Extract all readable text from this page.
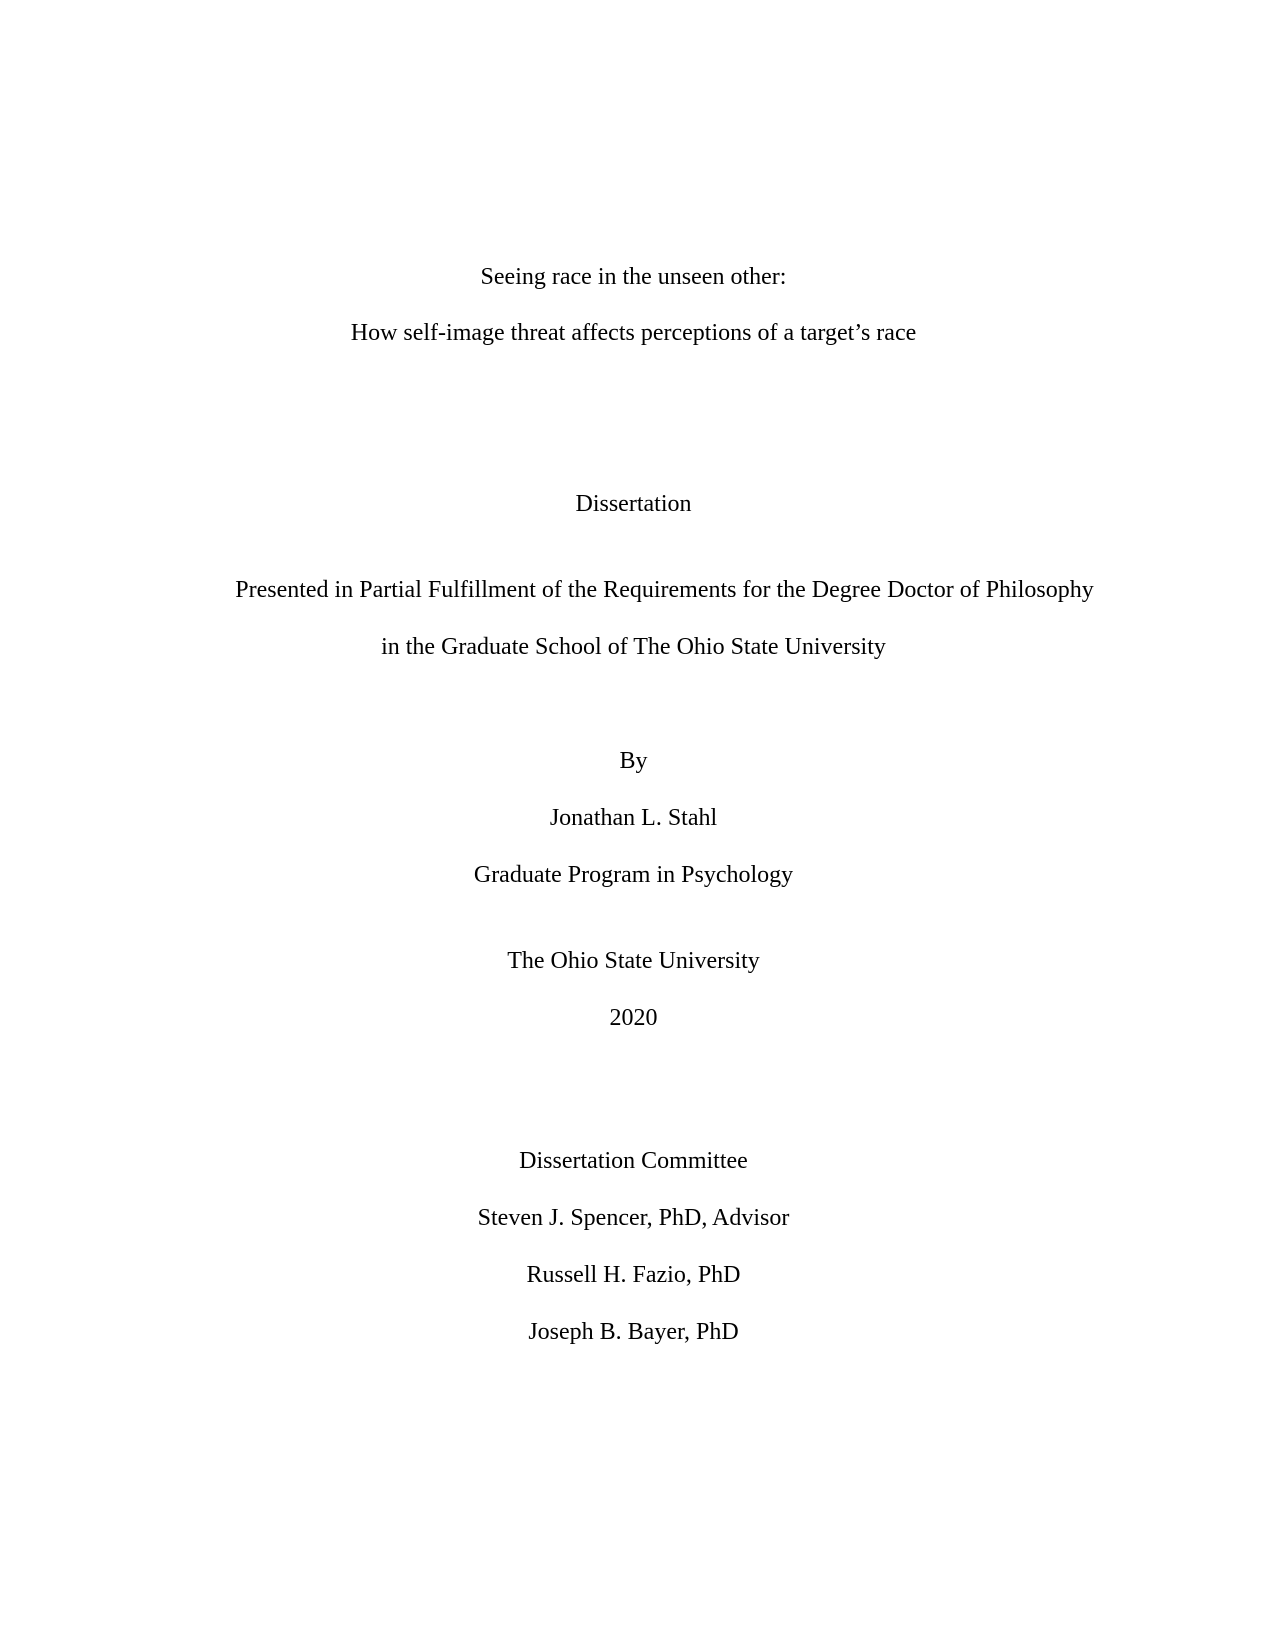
Seeing race in the unseen other:
How self-image threat affects perceptions of a target’s race
Dissertation
Presented in Partial Fulfillment of the Requirements for the Degree Doctor of Philosophy
in the Graduate School of The Ohio State University
By
Jonathan L. Stahl
Graduate Program in Psychology
The Ohio State University
2020
Dissertation Committee
Steven J. Spencer, PhD, Advisor
Russell H. Fazio, PhD
Joseph B. Bayer, PhD
